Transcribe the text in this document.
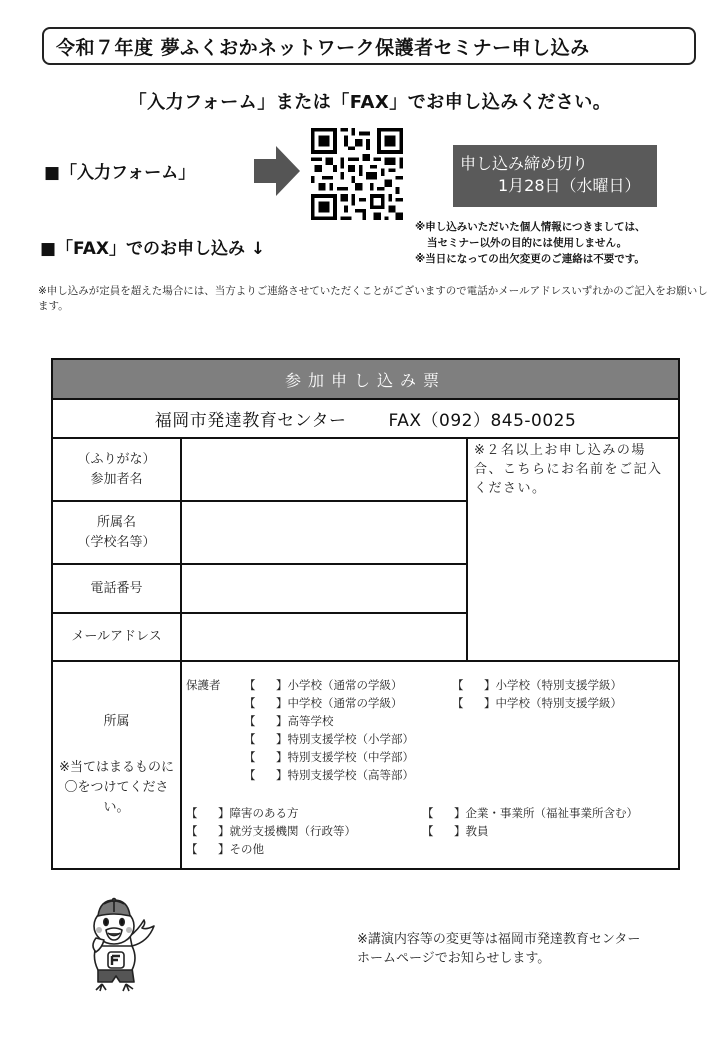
令和７年度 夢ふくおかネットワーク保護者セミナー申し込み
「入力フォーム」または「FAX」でお申し込みください。
■「入力フォーム」	申し込み締め切り
1月28日（水曜日）
※申し込みいただいた個人情報につきましては、
当セミナー以外の目的には使用しません。
※当日になっての出欠変更のご連絡は不要です。
■「FAX」でのお申し込み ↓
※申し込みが定員を超えた場合には、当方よりご連絡させていただくことがございますので電話かメールアドレスいずれかのご記入をお願いします。
参加申し込み票		
福岡市発達教育センター FAX（092）845-0025		

（ふりがな）
参加者名		※２名以上お申し込みの場合、こちらにお名前をご記入ください。

所属名
（学校名等）		

電話番号		
メールアドレス		

所属
※当てはまるものに〇をつけてください。

保護者	【	】 小学校（通常の学級）	【	】 小学校（特別支援学級）
【	】 中学校（通常の学級）	【	】 中学校（特別支援学級）
【	】 高等学校
【	】 特別支援学校（小学部）
【	】 特別支援学校（中学部）
【	】 特別支援学校（高等部）
【	】 障害のある方	【	】 企業・事業所（福祉事業所含む）
【	】 就労支援機関（行政等）	【	】 教員
【	】 その他
※講演内容等の変更等は福岡市発達教育センター
ホームページでお知らせします。
